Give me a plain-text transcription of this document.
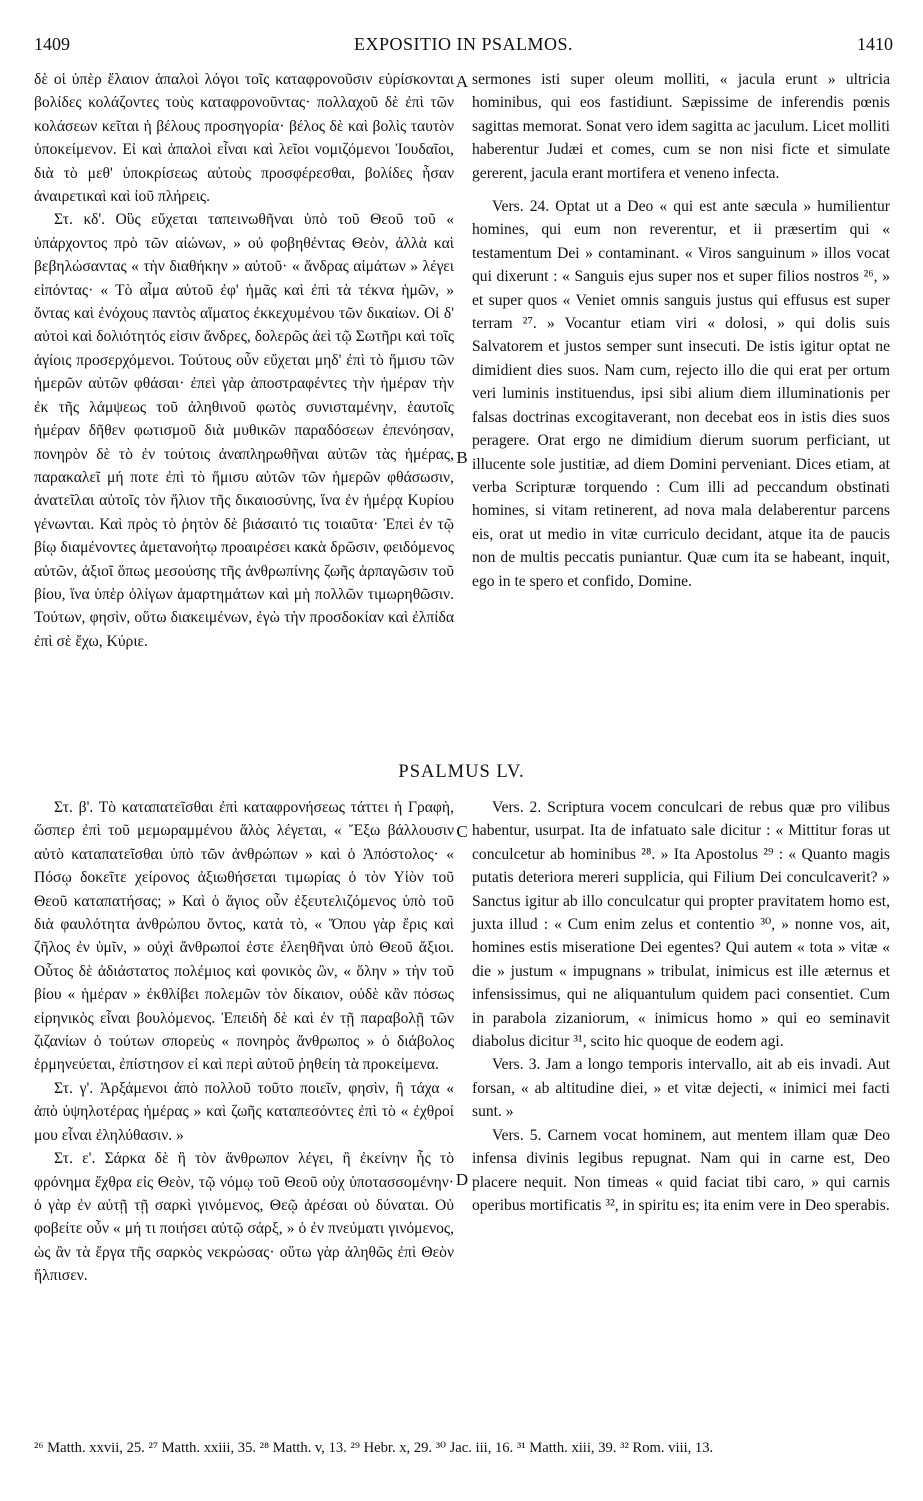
1409	EXPOSITIO IN PSALMOS.	1410
A
B
C
D

δὲ οἱ ὑπὲρ ἔλαιον ἁπαλοὶ λόγοι τοῖς καταφρονοῦσιν εὑρίσκονται βολίδες κολάζοντες τοὺς καταφρονοῦντας· πολλαχοῦ δὲ ἐπὶ τῶν κολάσεων κεῖται ἡ βέλους προσηγορία· βέλος δὲ καὶ βολὶς ταυτὸν ὑποκείμενον. Εἰ καὶ ἁπαλοὶ εἶναι καὶ λεῖοι νομιζόμενοι Ἰουδαῖοι, διὰ τὸ μεθ' ὑποκρίσεως αὐτοὺς προσφέρεσθαι, βολίδες ἦσαν ἀναιρετικαὶ καὶ ἰοῦ πλήρεις.

Στ. κδ'. Οὓς εὔχεται ταπεινωθῆναι ὑπὸ τοῦ Θεοῦ τοῦ « ὑπάρχοντος πρὸ τῶν αἰώνων, » οὐ φοβηθέντας Θεὸν, ἀλλὰ καὶ βεβηλώσαντας « τὴν διαθήκην » αὐτοῦ· « ἄνδρας αἱμάτων » λέγει εἰπόντας· « Τὸ αἷμα αὐτοῦ ἐφ' ἡμᾶς καὶ ἐπὶ τὰ τέκνα ἡμῶν, » ὄντας καὶ ἐνόχους παντὸς αἵματος ἐκκεχυμένου τῶν δικαίων. Οἱ δ' αὐτοὶ καὶ δολιότητός εἰσιν ἄνδρες, δολερῶς ἀεὶ τῷ Σωτῆρι καὶ τοῖς ἁγίοις προσερχόμενοι. Τούτους οὖν εὔχεται μηδ' ἐπὶ τὸ ἥμισυ τῶν ἡμερῶν αὐτῶν φθάσαι· ἐπεὶ γὰρ ἀποστραφέντες τὴν ἡμέραν τὴν ἐκ τῆς λάμψεως τοῦ ἀληθινοῦ φωτὸς συνισταμένην, ἑαυτοῖς ἡμέραν δῆθεν φωτισμοῦ διὰ μυθικῶν παραδόσεων ἐπενόησαν, πονηρὸν δὲ τὸ ἐν τούτοις ἀναπληρωθῆναι αὐτῶν τὰς ἡμέρας, παρακαλεῖ μή ποτε ἐπὶ τὸ ἥμισυ αὐτῶν τῶν ἡμερῶν φθάσωσιν, ἀνατεῖλαι αὐτοῖς τὸν ἥλιον τῆς δικαιοσύνης, ἵνα ἐν ἡμέρᾳ Κυρίου γένωνται. Καὶ πρὸς τὸ ῥητὸν δὲ βιάσαιτό τις τοιαῦτα· Ἐπεὶ ἐν τῷ βίῳ διαμένοντες ἀμετανοήτῳ προαιρέσει κακὰ δρῶσιν, φειδόμενος αὐτῶν, ἀξιοῖ ὅπως μεσούσης τῆς ἀνθρωπίνης ζωῆς ἁρπαγῶσιν τοῦ βίου, ἵνα ὑπὲρ ὀλίγων ἁμαρτημάτων καὶ μὴ πολλῶν τιμωρηθῶσιν. Τούτων, φησὶν, οὕτω διακειμένων, ἐγὼ τὴν προσδοκίαν καὶ ἐλπίδα ἐπὶ σὲ ἔχω, Κύριε.

sermones isti super oleum molliti, « jacula erunt » ultricia hominibus, qui eos fastidiunt. Sæpissime de inferendis pœnis sagittas memorat. Sonat vero idem sagitta ac jaculum. Licet molliti haberentur Judæi et comes, cum se non nisi ficte et simulate gererent, jacula erant mortifera et veneno infecta.

Vers. 24. Optat ut a Deo « qui est ante sæcula » humilientur homines, qui eum non reverentur, et ii præsertim qui « testamentum Dei » contaminant. « Viros sanguinum » illos vocat qui dixerunt : « Sanguis ejus super nos et super filios nostros ²⁶, » et super quos « Veniet omnis sanguis justus qui effusus est super terram ²⁷. » Vocantur etiam viri « dolosi, » qui dolis suis Salvatorem et justos semper sunt insecuti. De istis igitur optat ne dimidient dies suos. Nam cum, rejecto illo die qui erat per ortum veri luminis instituendus, ipsi sibi alium diem illuminationis per falsas doctrinas excogitaverant, non decebat eos in istis dies suos peragere. Orat ergo ne dimidium dierum suorum perficiant, ut illucente sole justitiæ, ad diem Domini perveniant. Dices etiam, at verba Scripturæ torquendo : Cum illi ad peccandum obstinati homines, si vitam retinerent, ad nova mala delaberentur parcens eis, orat ut medio in vitæ curriculo decidant, atque ita de paucis non de multis peccatis puniantur. Quæ cum ita se habeant, inquit, ego in te spero et confido, Domine.

PSALMUS LV.

Στ. β'. Τὸ καταπατεῖσθαι ἐπὶ καταφρονήσεως τάττει ἡ Γραφὴ, ὥσπερ ἐπὶ τοῦ μεμωραμμένου ἅλὸς λέγεται, « Ἔξω βάλλουσιν αὐτὸ καταπατεῖσθαι ὑπὸ τῶν ἀνθρώπων » καὶ ὁ Ἀπόστολος· « Πόσῳ δοκεῖτε χείρονος ἀξιωθήσεται τιμωρίας ὁ τὸν Υἱὸν τοῦ Θεοῦ καταπατήσας; » Καὶ ὁ ἅγιος οὖν ἐξευτελιζόμενος ὑπὸ τοῦ διὰ φαυλότητα ἀνθρώπου ὄντος, κατὰ τὸ, « Ὅπου γὰρ ἔρις καὶ ζῆλος ἐν ὑμῖν, » οὐχὶ ἄνθρωποί ἐστε ἐλεηθῆναι ὑπὸ Θεοῦ ἄξιοι. Οὗτος δὲ ἀδιάστατος πολέμιος καὶ φονικὸς ὢν, « ὅλην » τὴν τοῦ βίου « ἡμέραν » ἐκθλίβει πολεμῶν τὸν δίκαιον, οὐδὲ κἂν πόσως εἰρηνικὸς εἶναι βουλόμενος. Ἐπειδὴ δὲ καὶ ἐν τῇ παραβολῇ τῶν ζιζανίων ὁ τούτων σπορεὺς « πονηρὸς ἄνθρωπος » ὁ διάβολος ἑρμηνεύεται, ἐπίστησον εἰ καὶ περὶ αὐτοῦ ῥηθείη τὰ προκείμενα.

Στ. γ'. Ἀρξάμενοι ἀπὸ πολλοῦ τοῦτο ποιεῖν, φησὶν, ἢ τάχα « ἀπὸ ὑψηλοτέρας ἡμέρας » καὶ ζωῆς καταπεσόντες ἐπὶ τὸ « ἐχθροί μου εἶναι ἐληλύθασιν. »

Στ. ε'. Σάρκα δὲ ἢ τὸν ἄνθρωπον λέγει, ἢ ἐκείνην ἧς τὸ φρόνημα ἔχθρα εἰς Θεὸν, τῷ νόμῳ τοῦ Θεοῦ οὐχ ὑποτασσομένην· ὁ γὰρ ἐν αὐτῇ τῇ σαρκὶ γινόμενος, Θεῷ ἀρέσαι οὐ δύναται. Οὐ φοβείτε οὖν « μή τι ποιήσει αὐτῷ σάρξ, » ὁ ἐν πνεύματι γινόμενος, ὡς ἂν τὰ ἔργα τῆς σαρκὸς νεκρώσας· οὕτω γὰρ ἀληθῶς ἐπὶ Θεὸν ἤλπισεν.

Vers. 2. Scriptura vocem conculcari de rebus quæ pro vilibus habentur, usurpat. Ita de infatuato sale dicitur : « Mittitur foras ut conculcetur ab hominibus ²⁸. » Ita Apostolus ²⁹ : « Quanto magis putatis deteriora mereri supplicia, qui Filium Dei conculcaverit? » Sanctus igitur ab illo conculcatur qui propter pravitatem homo est, juxta illud : « Cum enim zelus et contentio ³⁰, » nonne vos, ait, homines estis miseratione Dei egentes? Qui autem « tota » vitæ « die » justum « impugnans » tribulat, inimicus est ille æternus et infensissimus, qui ne aliquantulum quidem paci consentiet. Cum in parabola zizaniorum, « inimicus homo » qui eo seminavit diabolus dicitur ³¹, scito hic quoque de eodem agi.

Vers. 3. Jam a longo temporis intervallo, ait ab eis invadi. Aut forsan, « ab altitudine diei, » et vitæ dejecti, « inimici mei facti sunt. »

Vers. 5. Carnem vocat hominem, aut mentem illam quæ Deo infensa divinis legibus repugnat. Nam qui in carne est, Deo placere nequit. Non timeas « quid faciat tibi caro, » qui carnis operibus mortificatis ³², in spiritu es; ita enim vere in Deo sperabis.

²⁶ Matth. xxvii, 25. ²⁷ Matth. xxiii, 35. ²⁸ Matth. v, 13. ²⁹ Hebr. x, 29. ³⁰ Jac. iii, 16. ³¹ Matth. xiii, 39. ³² Rom. viii, 13.
